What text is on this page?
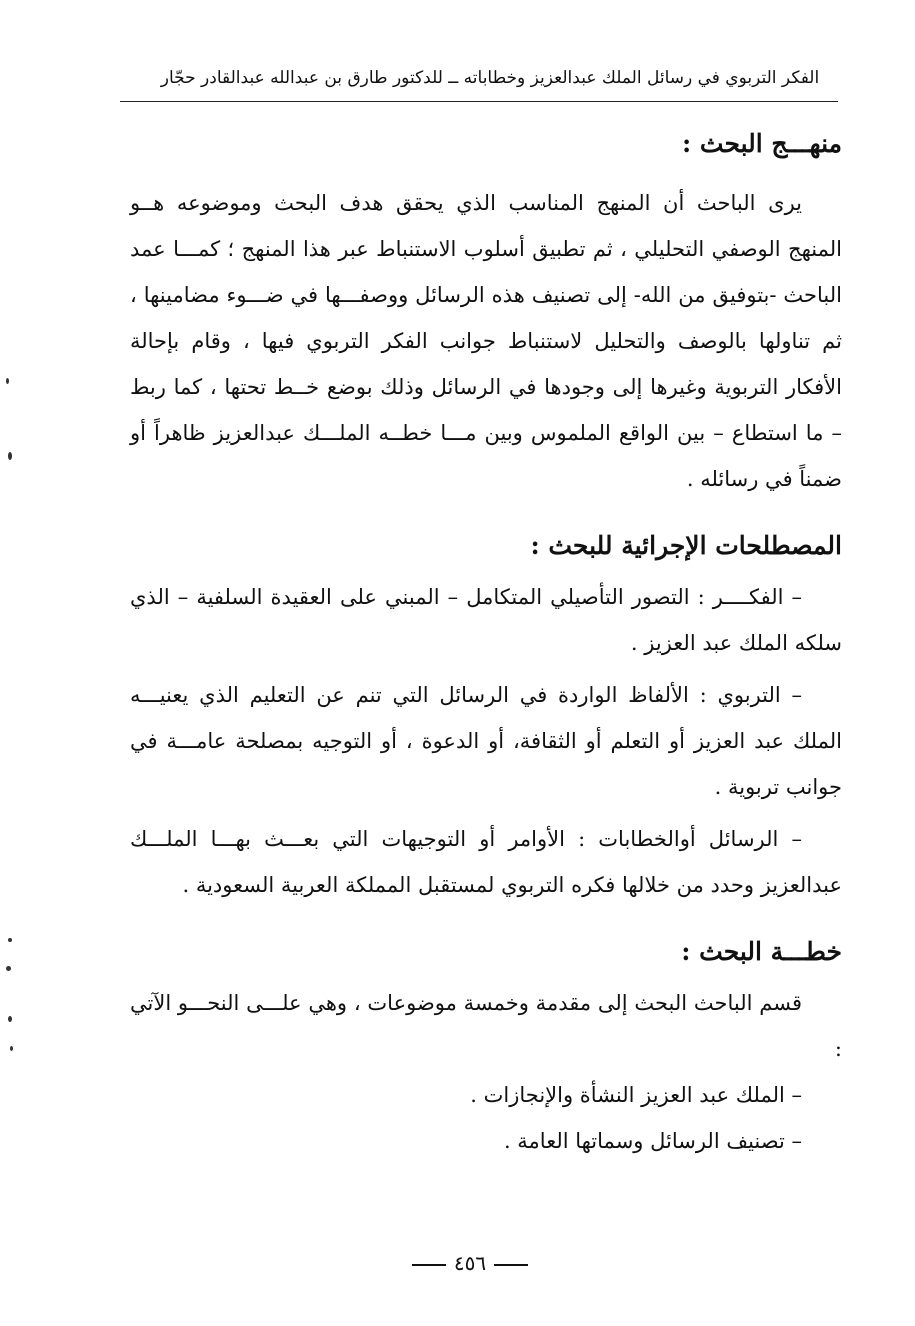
الفكر التربوي في رسائل الملك عبدالعزيز وخطاباته ــ للدكتور طارق بن عبدالله عبدالقادر حجّار
منهـــج البحث :

يرى الباحث أن المنهج المناسب الذي يحقق هدف البحث وموضوعه هــو المنهج الوصفي التحليلي ، ثم تطبيق أسلوب الاستنباط عبر هذا المنهج ؛ كمـــا عمد الباحث -بتوفيق من الله- إلى تصنيف هذه الرسائل ووصفـــها في ضـــوء مضامينها ، ثم تناولها بالوصف والتحليل لاستنباط جوانب الفكر التربوي فيها ، وقام بإحالة الأفكار التربوية وغيرها إلى وجودها في الرسائل وذلك بوضع خــط تحتها ، كما ربط – ما استطاع – بين الواقع الملموس وبين مـــا خطــه الملـــك عبدالعزيز ظاهراً أو ضمناً في رسائله .

المصطلحات الإجرائية للبحث :

– الفكــــر : التصور التأصيلي المتكامل – المبني على العقيدة السلفية – الذي سلكه الملك عبد العزيز .

– التربوي : الألفاظ الواردة في الرسائل التي تنم عن التعليم الذي يعنيـــه الملك عبد العزيز أو التعلم أو الثقافة، أو الدعوة ، أو التوجيه بمصلحة عامـــة في جوانب تربوية .

– الرسائل أوالخطابات : الأوامر أو التوجيهات التي بعـــث بهـــا الملـــك عبدالعزيز وحدد من خلالها فكره التربوي لمستقبل المملكة العربية السعودية .

خطـــة البحث :

قسم الباحث البحث إلى مقدمة وخمسة موضوعات ، وهي علـــى النحـــو الآتي :

– الملك عبد العزيز النشأة والإنجازات .

– تصنيف الرسائل وسماتها العامة .

٤٥٦
